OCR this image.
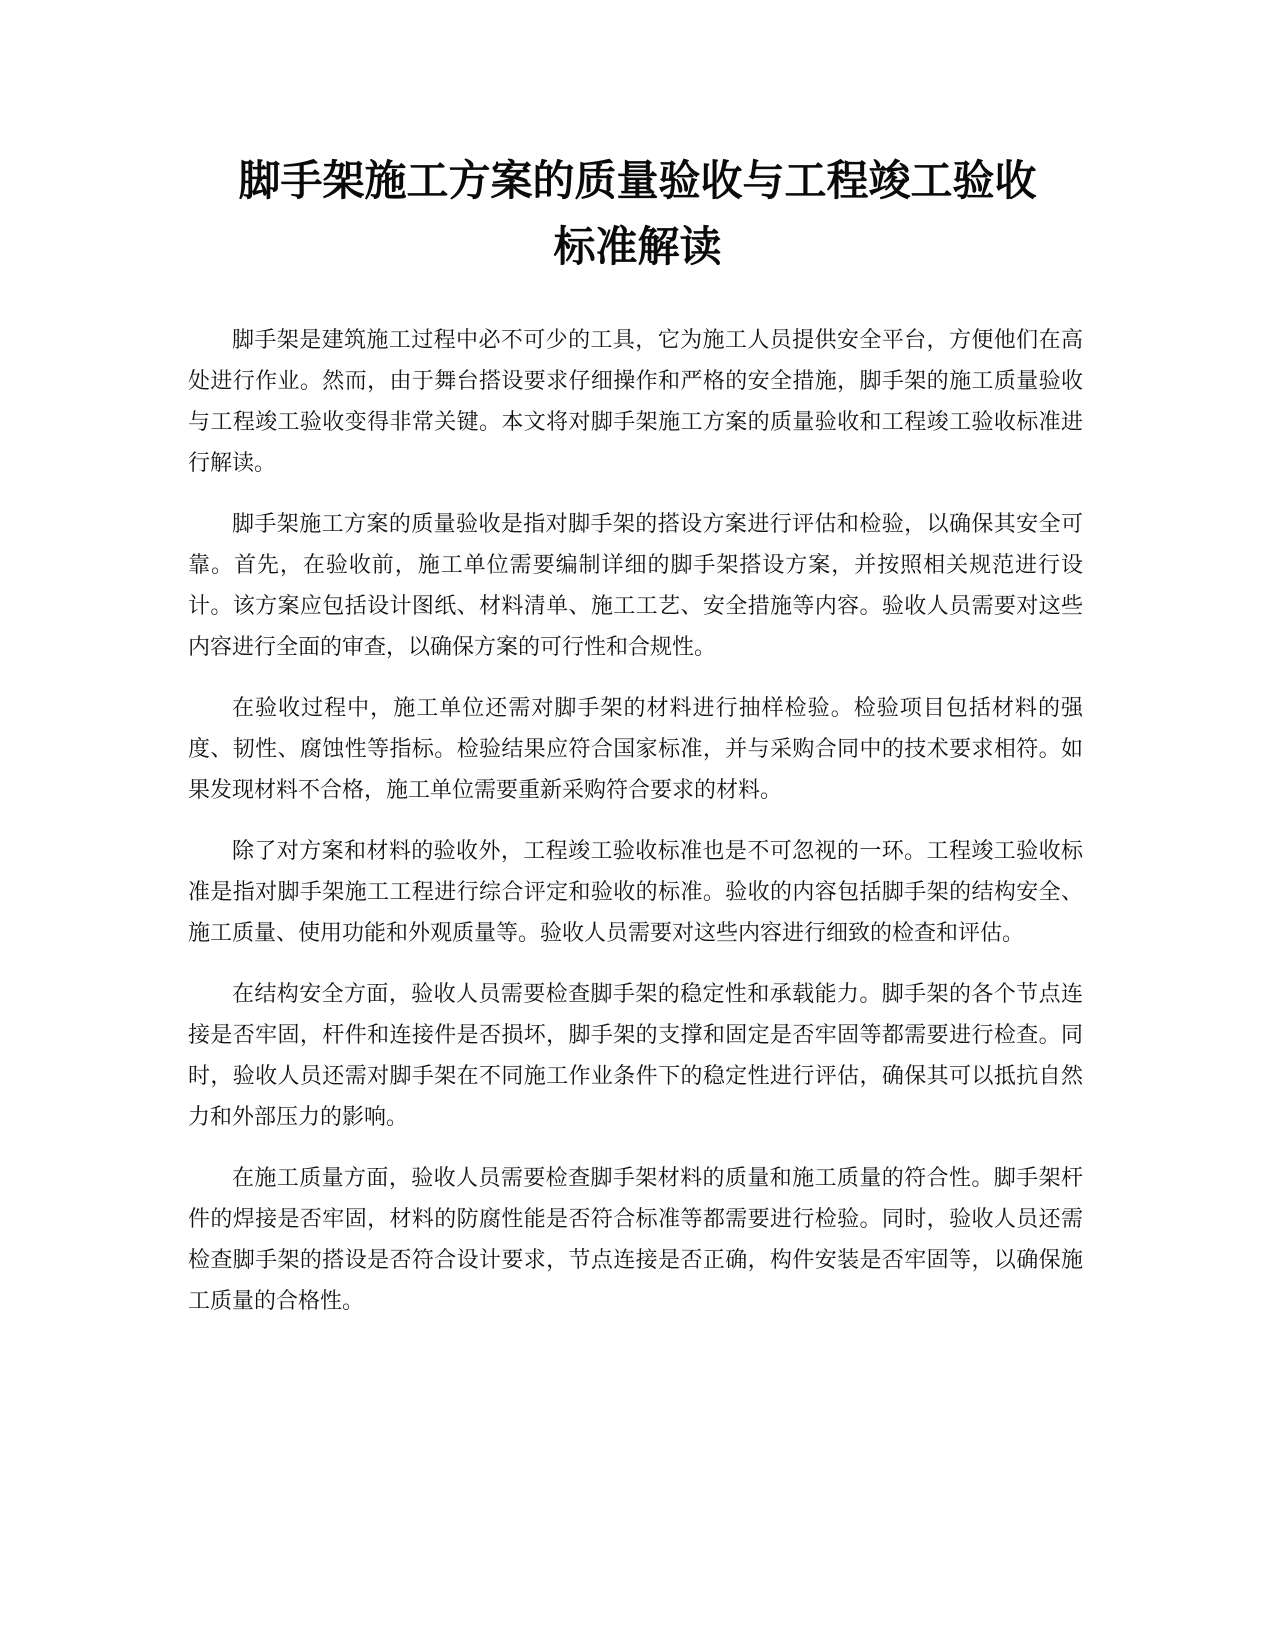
脚手架施工方案的质量验收与工程竣工验收
标准解读

脚手架是建筑施工过程中必不可少的工具，它为施工人员提供安全平台，方便他们在高处进行作业。然而，由于舞台搭设要求仔细操作和严格的安全措施，脚手架的施工质量验收与工程竣工验收变得非常关键。本文将对脚手架施工方案的质量验收和工程竣工验收标准进行解读。

脚手架施工方案的质量验收是指对脚手架的搭设方案进行评估和检验，以确保其安全可靠。首先，在验收前，施工单位需要编制详细的脚手架搭设方案，并按照相关规范进行设计。该方案应包括设计图纸、材料清单、施工工艺、安全措施等内容。验收人员需要对这些内容进行全面的审查，以确保方案的可行性和合规性。

在验收过程中，施工单位还需对脚手架的材料进行抽样检验。检验项目包括材料的强度、韧性、腐蚀性等指标。检验结果应符合国家标准，并与采购合同中的技术要求相符。如果发现材料不合格，施工单位需要重新采购符合要求的材料。

除了对方案和材料的验收外，工程竣工验收标准也是不可忽视的一环。工程竣工验收标准是指对脚手架施工工程进行综合评定和验收的标准。验收的内容包括脚手架的结构安全、施工质量、使用功能和外观质量等。验收人员需要对这些内容进行细致的检查和评估。

在结构安全方面，验收人员需要检查脚手架的稳定性和承载能力。脚手架的各个节点连接是否牢固，杆件和连接件是否损坏，脚手架的支撑和固定是否牢固等都需要进行检查。同时，验收人员还需对脚手架在不同施工作业条件下的稳定性进行评估，确保其可以抵抗自然力和外部压力的影响。

在施工质量方面，验收人员需要检查脚手架材料的质量和施工质量的符合性。脚手架杆件的焊接是否牢固，材料的防腐性能是否符合标准等都需要进行检验。同时，验收人员还需检查脚手架的搭设是否符合设计要求，节点连接是否正确，构件安装是否牢固等，以确保施工质量的合格性。
